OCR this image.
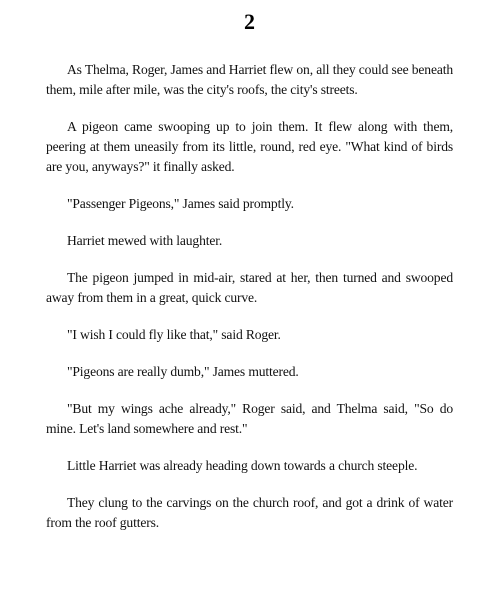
2

As Thelma, Roger, James and Harriet flew on, all they could see beneath them, mile after mile, was the city's roofs, the city's streets.

A pigeon came swooping up to join them. It flew along with them, peering at them uneasily from its little, round, red eye. "What kind of birds are you, anyways?" it finally asked.

"Passenger Pigeons," James said promptly.

Harriet mewed with laughter.

The pigeon jumped in mid-air, stared at her, then turned and swooped away from them in a great, quick curve.

"I wish I could fly like that," said Roger.

"Pigeons are really dumb," James muttered.

"But my wings ache already," Roger said, and Thelma said, "So do mine. Let's land somewhere and rest."

Little Harriet was already heading down towards a church steeple.

They clung to the carvings on the church roof, and got a drink of water from the roof gutters.
